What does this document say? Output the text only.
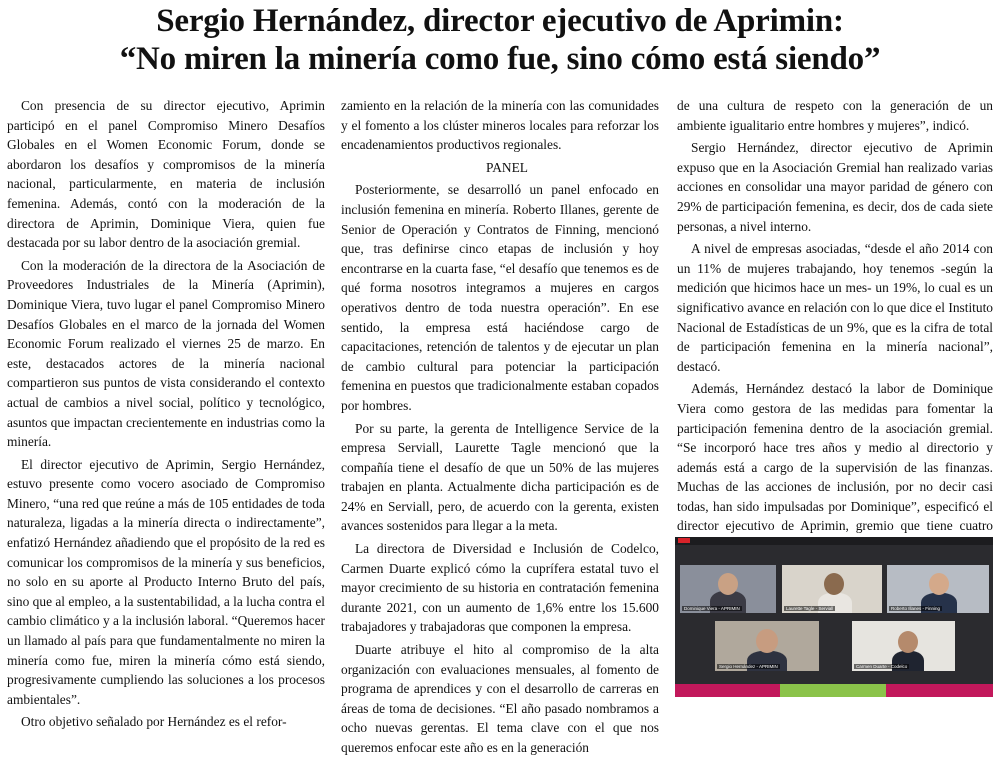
Sergio Hernández, director ejecutivo de Aprimin:
“No miren la minería como fue, sino cómo está siendo”

Con presencia de su director ejecutivo, Aprimin participó en el panel Compromiso Minero Desafíos Globales en el Women Economic Forum, donde se abordaron los desafíos y compromisos de la minería nacional, particularmente, en materia de inclusión femenina. Además, contó con la moderación de la directora de Aprimin, Dominique Viera, quien fue destacada por su labor dentro de la asociación gremial.

Con la moderación de la directora de la Asociación de Proveedores Industriales de la Minería (Aprimin), Dominique Viera, tuvo lugar el panel Compromiso Minero Desafíos Globales en el marco de la jornada del Women Economic Forum realizado el viernes 25 de marzo. En este, destacados actores de la minería nacional compartieron sus puntos de vista considerando el contexto actual de cambios a nivel social, político y tecnológico, asuntos que impactan crecientemente en industrias como la minería.

El director ejecutivo de Aprimin, Sergio Hernández, estuvo presente como vocero asociado de Compromiso Minero, “una red que reúne a más de 105 entidades de toda naturaleza, ligadas a la minería directa o indirectamente”, enfatizó Hernández añadiendo que el propósito de la red es comunicar los compromisos de la minería y sus beneficios, no solo en su aporte al Producto Interno Bruto del país, sino que al empleo, a la sustentabilidad, a la lucha contra el cambio climático y a la inclusión laboral. “Queremos hacer un llamado al país para que fundamentalmente no miren la minería como fue, miren la minería cómo está siendo, progresivamente cumpliendo las soluciones a los procesos ambientales”.

Otro objetivo señalado por Hernández es el refor-

zamiento en la relación de la minería con las comunidades y el fomento a los clúster mineros locales para reforzar los encadenamientos productivos regionales.

PANEL

Posteriormente, se desarrolló un panel enfocado en inclusión femenina en minería. Roberto Illanes, gerente de Senior de Operación y Contratos de Finning, mencionó que, tras definirse cinco etapas de inclusión y hoy encontrarse en la cuarta fase, “el desafío que tenemos es de qué forma nosotros integramos a mujeres en cargos operativos dentro de toda nuestra operación”. En ese sentido, la empresa está haciéndose cargo de capacitaciones, retención de talentos y de ejecutar un plan de cambio cultural para potenciar la participación femenina en puestos que tradicionalmente estaban copados por hombres.

Por su parte, la gerenta de Intelligence Service de la empresa Serviall, Laurette Tagle mencionó que la compañía tiene el desafío de que un 50% de las mujeres trabajen en planta. Actualmente dicha participación es de 24% en Serviall, pero, de acuerdo con la gerenta, existen avances sostenidos para llegar a la meta.

La directora de Diversidad e Inclusión de Codelco, Carmen Duarte explicó cómo la cuprífera estatal tuvo el mayor crecimiento de su historia en contratación femenina durante 2021, con un aumento de 1,6% entre los 15.600 trabajadores y trabajadoras que componen la empresa.

Duarte atribuye el hito al compromiso de la alta organización con evaluaciones mensuales, al fomento de programa de aprendices y con el desarrollo de carreras en áreas de toma de decisiones. “El año pasado nombramos a ocho nuevas gerentas. El tema clave con el que nos queremos enfocar este año es en la generación

de una cultura de respeto con la generación de un ambiente igualitario entre hombres y mujeres”, indicó.

Sergio Hernández, director ejecutivo de Aprimin expuso que en la Asociación Gremial han realizado varias acciones en consolidar una mayor paridad de género con 29% de participación femenina, es decir, dos de cada siete personas, a nivel interno.

A nivel de empresas asociadas, “desde el año 2014 con un 11% de mujeres trabajando, hoy tenemos -según la medición que hicimos hace un mes- un 19%, lo cual es un significativo avance en relación con lo que dice el Instituto Nacional de Estadísticas de un 9%, que es la cifra de total de participación femenina en la minería nacional”, destacó.

Además, Hernández destacó la labor de Dominique Viera como gestora de las medidas para fomentar la participación femenina dentro de la asociación gremial. “Se incorporó hace tres años y medio al directorio y además está a cargo de la supervisión de las finanzas. Muchas de las acciones de inclusión, por no decir casi todas, han sido impulsadas por Dominique”, especificó el director ejecutivo de Aprimin, gremio que tiene cuatro

Dominique Viera - APRIMIN	Laurette Tagle - Serviall	Roberto Illanes - Finning
Sergio Hernández - APRIMIN	Carmen Duarte - Codelco
